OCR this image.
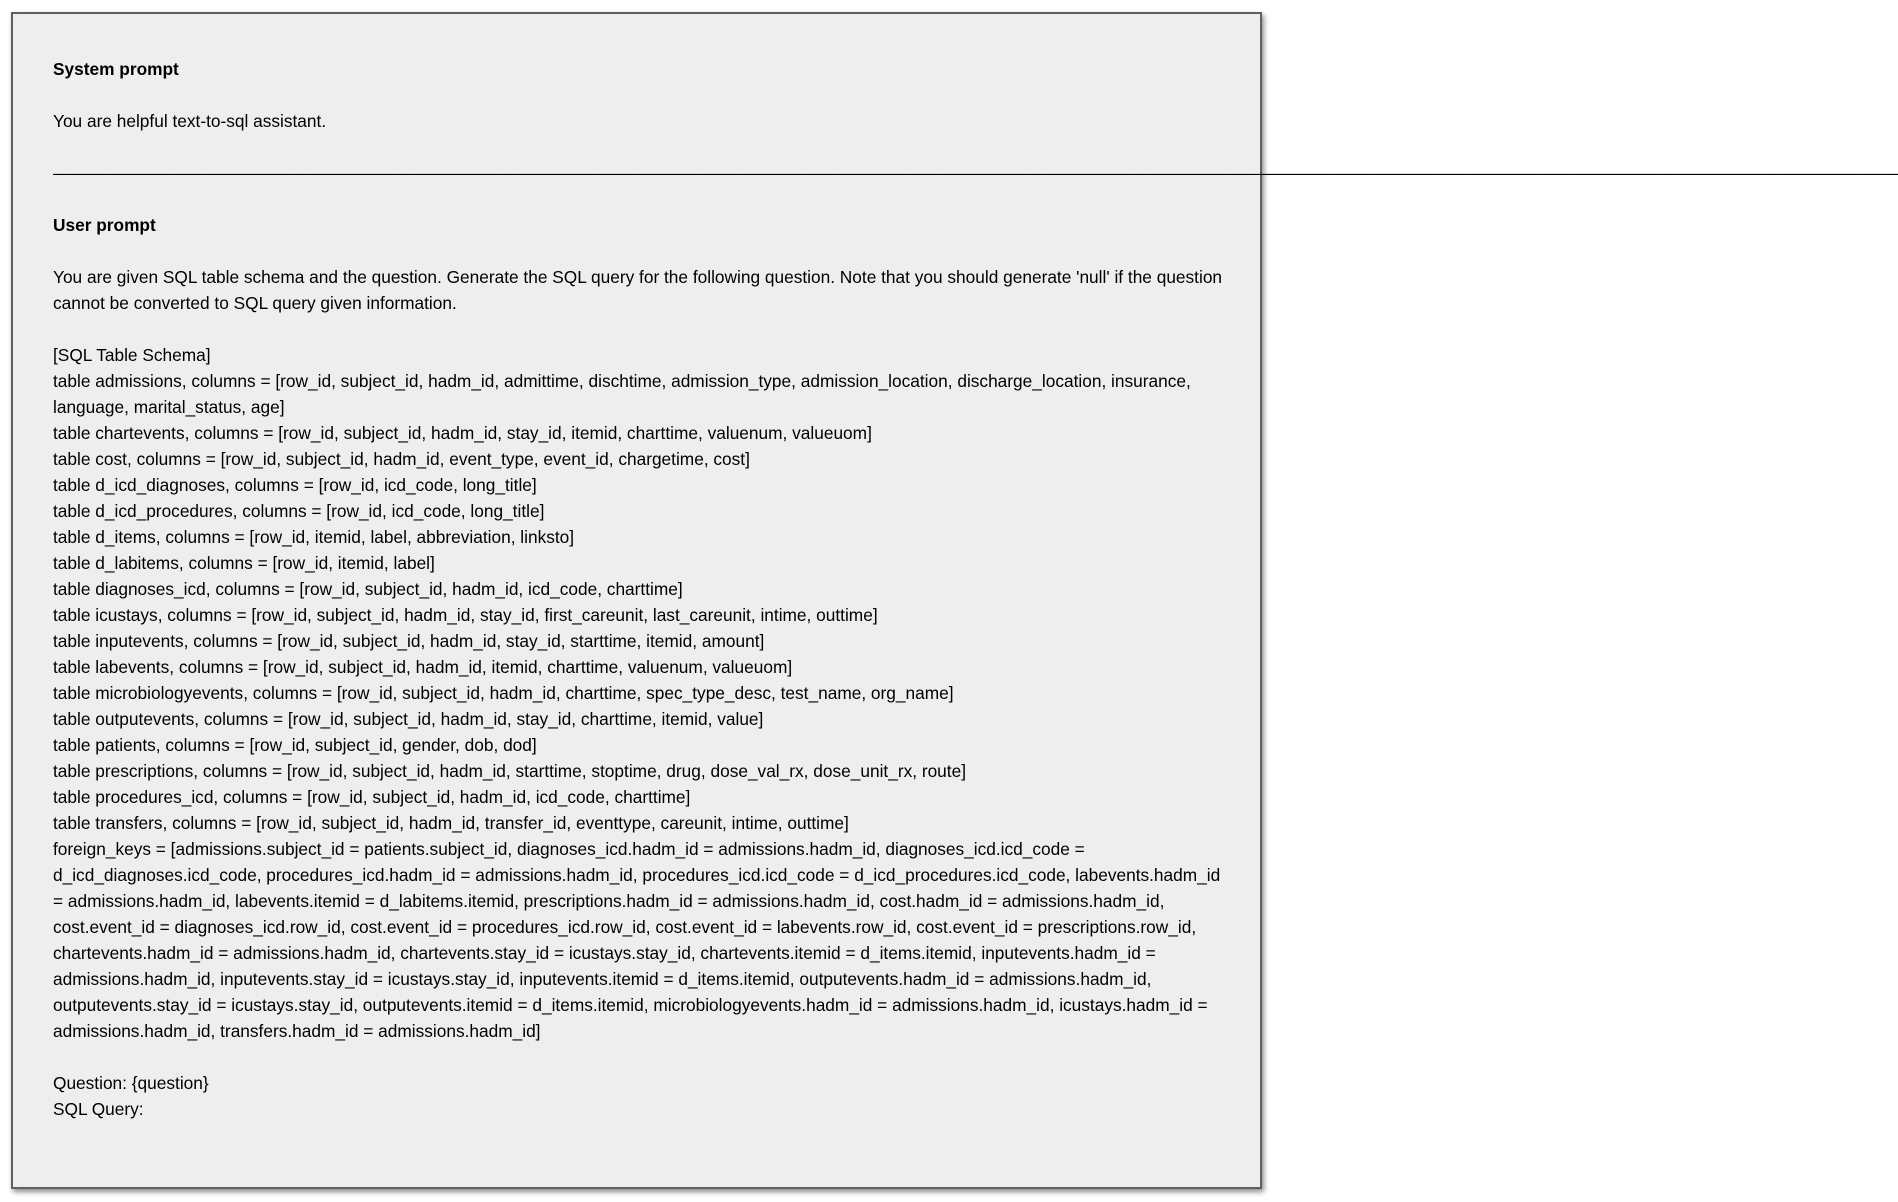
System prompt

You are helpful text-to-sql assistant.

————————————————————————————————————————————————————————————————————————————————————————————————————————————

User prompt

You are given SQL table schema and the question. Generate the SQL query for the following question. Note that you should generate 'null' if the question cannot be converted to SQL query given information.

[SQL Table Schema]

table admissions, columns = [row_id, subject_id, hadm_id, admittime, dischtime, admission_type, admission_location, discharge_location, insurance, language, marital_status, age]

table chartevents, columns = [row_id, subject_id, hadm_id, stay_id, itemid, charttime, valuenum, valueuom]

table cost, columns = [row_id, subject_id, hadm_id, event_type, event_id, chargetime, cost]

table d_icd_diagnoses, columns = [row_id, icd_code, long_title]

table d_icd_procedures, columns = [row_id, icd_code, long_title]

table d_items, columns = [row_id, itemid, label, abbreviation, linksto]

table d_labitems, columns = [row_id, itemid, label]

table diagnoses_icd, columns = [row_id, subject_id, hadm_id, icd_code, charttime]

table icustays, columns = [row_id, subject_id, hadm_id, stay_id, first_careunit, last_careunit, intime, outtime]

table inputevents, columns = [row_id, subject_id, hadm_id, stay_id, starttime, itemid, amount]

table labevents, columns = [row_id, subject_id, hadm_id, itemid, charttime, valuenum, valueuom]

table microbiologyevents, columns = [row_id, subject_id, hadm_id, charttime, spec_type_desc, test_name, org_name]

table outputevents, columns = [row_id, subject_id, hadm_id, stay_id, charttime, itemid, value]

table patients, columns = [row_id, subject_id, gender, dob, dod]

table prescriptions, columns = [row_id, subject_id, hadm_id, starttime, stoptime, drug, dose_val_rx, dose_unit_rx, route]

table procedures_icd, columns = [row_id, subject_id, hadm_id, icd_code, charttime]

table transfers, columns = [row_id, subject_id, hadm_id, transfer_id, eventtype, careunit, intime, outtime]

foreign_keys = [admissions.subject_id = patients.subject_id, diagnoses_icd.hadm_id = admissions.hadm_id, diagnoses_icd.icd_code = d_icd_diagnoses.icd_code, procedures_icd.hadm_id = admissions.hadm_id, procedures_icd.icd_code = d_icd_procedures.icd_code, labevents.hadm_id = admissions.hadm_id, labevents.itemid = d_labitems.itemid, prescriptions.hadm_id = admissions.hadm_id, cost.hadm_id = admissions.hadm_id, cost.event_id = diagnoses_icd.row_id, cost.event_id = procedures_icd.row_id, cost.event_id = labevents.row_id, cost.event_id = prescriptions.row_id, chartevents.hadm_id = admissions.hadm_id, chartevents.stay_id = icustays.stay_id, chartevents.itemid = d_items.itemid, inputevents.hadm_id = admissions.hadm_id, inputevents.stay_id = icustays.stay_id, inputevents.itemid = d_items.itemid, outputevents.hadm_id = admissions.hadm_id, outputevents.stay_id = icustays.stay_id, outputevents.itemid = d_items.itemid, microbiologyevents.hadm_id = admissions.hadm_id, icustays.hadm_id = admissions.hadm_id, transfers.hadm_id = admissions.hadm_id]

Question: {question}

SQL Query:
